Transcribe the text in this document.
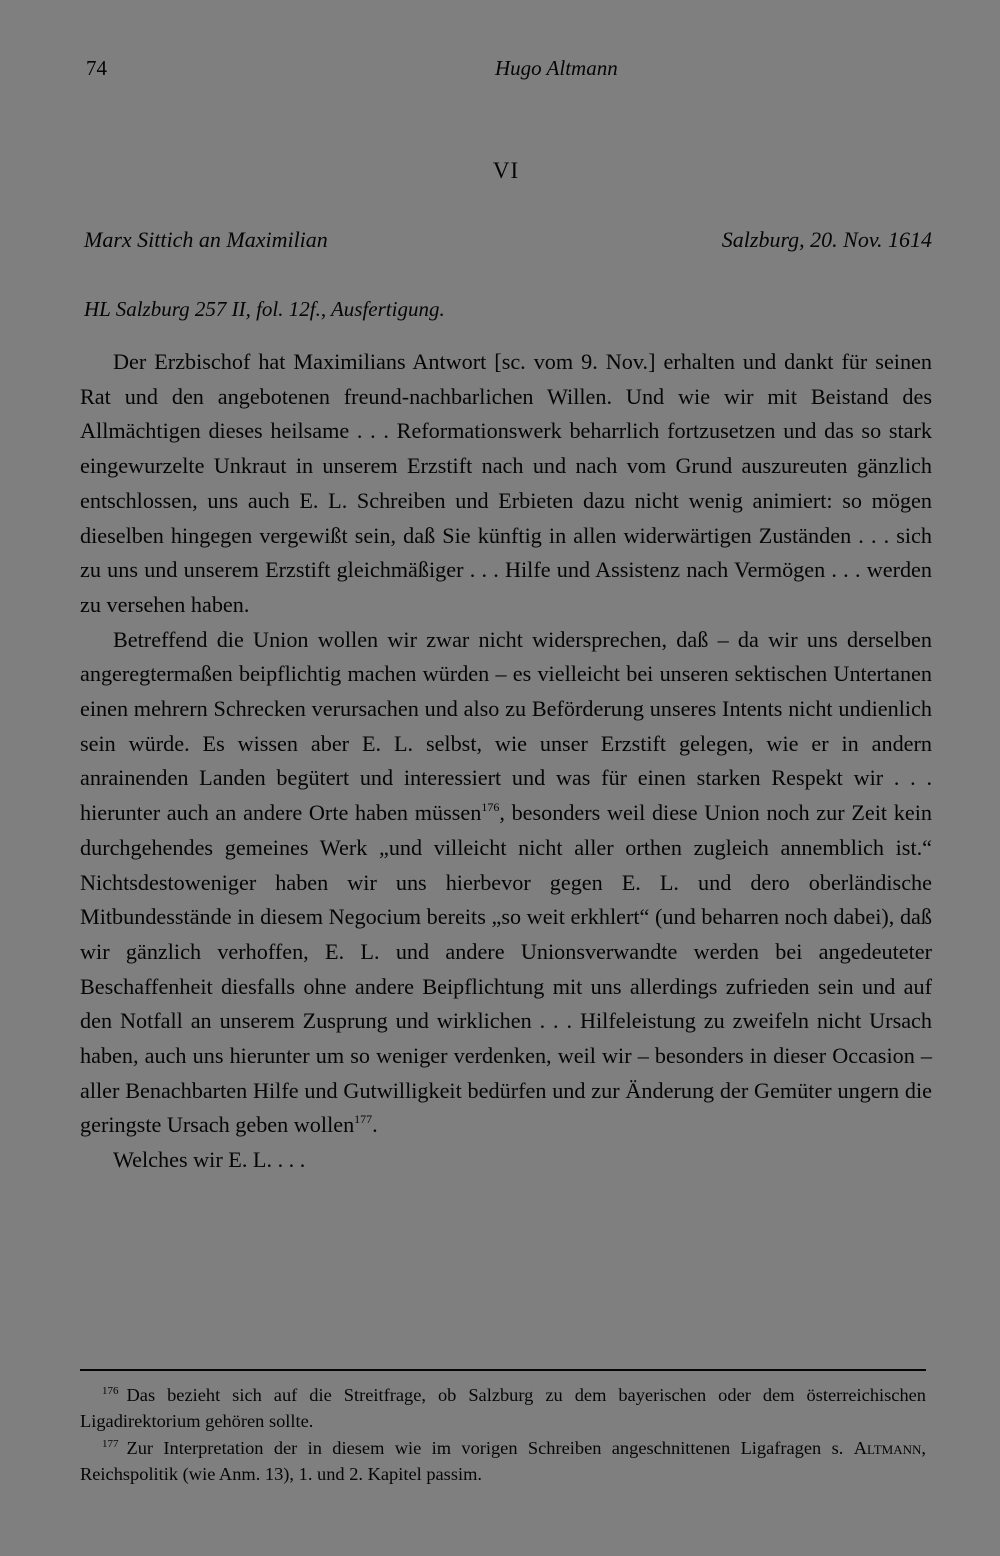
74	Hugo Altmann
VI
Marx Sittich an Maximilian	Salzburg, 20. Nov. 1614
HL Salzburg 257 II, fol. 12f., Ausfertigung.

Der Erzbischof hat Maximilians Antwort [sc. vom 9. Nov.] erhalten und dankt für seinen Rat und den angebotenen freund-nachbarlichen Willen. Und wie wir mit Beistand des Allmächtigen dieses heilsame . . . Reformationswerk beharrlich fortzusetzen und das so stark eingewurzelte Unkraut in unserem Erzstift nach und nach vom Grund auszureuten gänzlich entschlossen, uns auch E. L. Schreiben und Erbieten dazu nicht wenig animiert: so mögen dieselben hingegen vergewißt sein, daß Sie künftig in allen widerwärtigen Zuständen . . . sich zu uns und unserem Erzstift gleichmäßiger . . . Hilfe und Assistenz nach Vermögen . . . werden zu versehen haben.

Betreffend die Union wollen wir zwar nicht widersprechen, daß – da wir uns derselben angeregtermaßen beipflichtig machen würden – es vielleicht bei unseren sektischen Untertanen einen mehrern Schrecken verursachen und also zu Beförderung unseres Intents nicht undienlich sein würde. Es wissen aber E. L. selbst, wie unser Erzstift gelegen, wie er in andern anrainenden Landen begütert und interessiert und was für einen starken Respekt wir . . . hierunter auch an andere Orte haben müssen$^{176}$, besonders weil diese Union noch zur Zeit kein durchgehendes gemeines Werk „und villeicht nicht aller orthen zugleich annemblich ist.“ Nichtsdestoweniger haben wir uns hierbevor gegen E. L. und dero oberländische Mitbundesstände in diesem Negocium bereits „so weit erkhlert“ (und beharren noch dabei), daß wir gänzlich verhoffen, E. L. und andere Unionsverwandte werden bei angedeuteter Beschaffenheit diesfalls ohne andere Beipflichtung mit uns allerdings zufrieden sein und auf den Notfall an unserem Zusprung und wirklichen . . . Hilfeleistung zu zweifeln nicht Ursach haben, auch uns hierunter um so weniger verdenken, weil wir – besonders in dieser Occasion – aller Benachbarten Hilfe und Gutwilligkeit bedürfen und zur Änderung der Gemüter ungern die geringste Ursach geben wollen$^{177}$.

Welches wir E. L. . . .

$^{176}$ Das bezieht sich auf die Streitfrage, ob Salzburg zu dem bayerischen oder dem österreichischen Ligadirektorium gehören sollte.

$^{177}$ Zur Interpretation der in diesem wie im vorigen Schreiben angeschnittenen Ligafragen s. Altmann, Reichspolitik (wie Anm. 13), 1. und 2. Kapitel passim.
